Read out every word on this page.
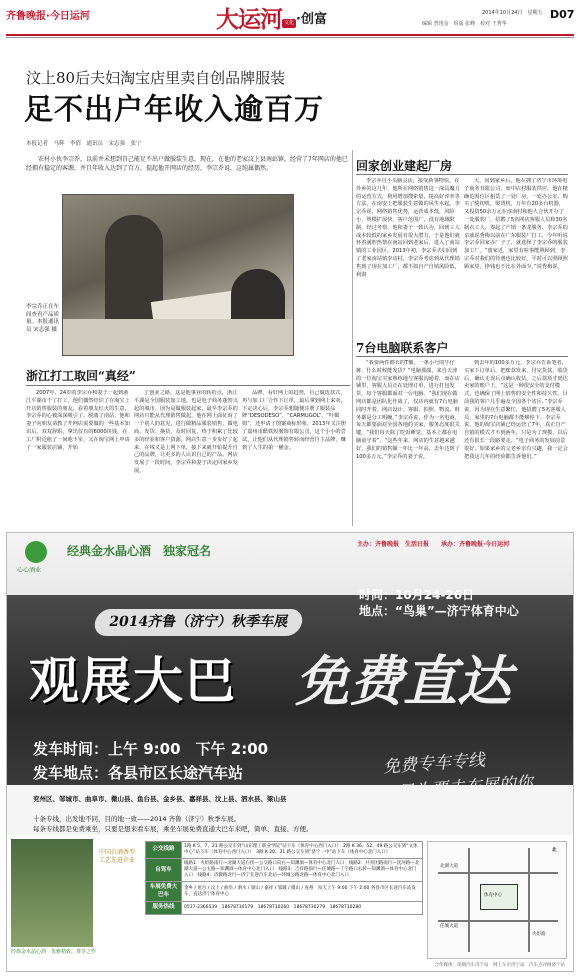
齐鲁晚报·今日运河	大运河 文化 ·创富	2014年10月24日　星期五
编辑 曾现金　组版 张峰　校对 王秀华
D07
汶上80后夫妇淘宝店里卖自创品牌服装
足不出户年收入逾百万
本报记者　马辉　李倩　通讯员　宋志强　张宁
农村小伙李宗乔，以前并未想到自己能足不出户做服装生意，现在，在他的老家汶上县南站镇，经营了7年网店的他已经拥有稳定的客源，并且年收入达到了百万，提起他开网店的经历，李宗乔说，这纯属偶然。
李宗乔正在车间查看产品质量。本报通讯员 宋志强 摄
浙江打工取回“真经”
2007年，24岁的李宗乔和妻子一起到浙江平湖市干了打工，他们偶然结识了在淘宝上开店销售服装的朋友，看着朋友红火的生意，李宗乔的心被深深吸引了。脱离了南站，他和妻子向朋友请教了开网店需要做的一些基本知识后，双双辞职，拿出仅有的6000块钱，在工厂附近租了一间地下室，又在淘宝网上申请了一家服装店铺，开始
了创业之路。这是他事业的转折点，浙江平湖是全国服装加工地，也是电子商务蓬勃兴起的城市，因为是做服装起家，最早李宗乔的网店只能从代理销售做起，他在网上面征询了一个别人的意见，进行做精品服装销售，做电商，发货、换货，及时回复，终于积累了比较多的经验和客户资源。网店生意一步步好了起来，在线又是上网下单，接下来就开始提升自己的品牌，让更多的人认识自己的产品。网店发展了一段时间，李宗乔和妻子决定回家乡发展。
品牌，看好网上的趋势，自己做选款式，再与加工厂合作下订单，最后拿到网上来卖。下定决心后，李宗乔想随便注册了服装品牌“DESODESO”、“CARMUGOL”、“叶媚姆”，还申请了图案商标形象，2013年又注册了嘉州市酷铁短服饰有限公司，这个小小的尝试，让他们从代理销售转而经营自主品牌，赚到了人生的第一桶金。
回家创业建起厂房
李宗乔自小头脑灵活，接受新事物快，在外乡的这几年，他所在网络销售这一深具魔力的运营方式，利用增加搜索量，提高好评率等方法，在南安上把服装生意做的风生水起。李宗乔说，网络销售优势，运营成本低，风险小，规模扩展快，客户范围广，没有地域限制，经过考察，他和妻子一致认为，回到工人成本较低的家乡发展有很大潜力，于是他们就怀着满腔热情在南站回到老家后，进入了南站镇的工业园区。2013年初，李宗乔夫妇回到了老家南站镇李店村，李宗乔考虑到从代理销售到了现在加工厂，都不如自产自销风险低，利润
大，回到家乡后，他在拥了济宁市环境电子商务有限公司，而中店村服装供应，他在精确范围位区租赁了一处厂房，一处办公室，购买了缝纫机，熨烫机，万年有20多台机器，又投资50余万元在淳南村和他人合伙开办了一处服装厂，招聘了5名网店客服人员和30名制衣工人，筹起了产销一条龙服务。李宗乔的亲戚说秀梅以前在广东服装厂打工，今年听说李宗乔回家办厂子了，就选择了李宗乔的服装加工厂。“离家近，家里有啥事能照顾到，李宗乔对我们的待遇也比较好，平时可以照顾照顾家里，挣钱也不比在外面少。”说秀梅说。
7台电脑联系客户
“我要两件棉衣的T恤，一条小号的牛仔裤，什么时候能发货？”电脑那端，来自天津的一位淘宝买家熟练地与客服沟通着，而在店铺里，客服人员正在处理订单，进行打包发货，每个客服都面对一台电脑。“我们现在做网店都是团队化作战了，仅店内就有7台电脑同时开着，网店设计、客服、拍照、物流、财务都是分工明确，”李宗乔说，作为一名电商，每天都要面对全国各地的买家，服务态度很关键。“我们每天除了吃饭睡觉，基本上都在电脑前守着”。“这些年来，网店的生意越来越好，我们的销售额一年比一年高，去年达到了100多万元。”李宗乔的妻子说。
到去年的100多万元，李宗乔告诉笔者，买家下订单后，把账款发来，付完货款，收货后，确认无误后点确认收货，之后款项才到达卖家的账户上，“这是一种很安全的支付模式，也确保了网上销售的安全性和持久性。目前我的客户几乎遍及全国各个省区。”李宗乔说，因为现在生意繁忙，他招聘了5名客服人员，家里的7台电脑都不能够停下。李宗乔说，他的淘宝店铺已经运营了7年，真正自产自销的模式才不到两年，只是为了规模，以后还有很长一段路要走。“电子商务的发展前景很好，如果家乡的父老乡亲有兴趣，我一定会把我这几年的经验都告诉他们。”
心心酒业
经典金水晶心酒　独家冠名	主办：齐鲁晚报　生活日报　　承办：齐鲁晚报·今日运河
2014齐鲁（济宁）秋季车展
时间：10月24-26日
地点：“鸟巢”—济宁体育中心
观展大巴 免费直达
发车时间：上午 9:00　下午 2:00
发车地点：各县市区长途汽车站	免费专车专线
兖州区、邹城市、曲阜市、微山县、鱼台县、金乡县、嘉祥县、汶上县、泗水县、梁山县
十条专线，出发地不同，目的地一致——2014 齐鲁（济宁）秋季车展。
每条专线都是免费乘坐，只要是想来看车展，乘坐车展免费直通大巴车来吧，简单、直接、方便。
经典金水晶心酒　优雅精致，尊享之作
中国白酒香型工艺先进企业
公交线路	1路 K 5、7、21 路公交车到“山东理工职业学院”站下车（体育中心西门入口）　2路 K 36、52、49 路公交车到“文体中心”站下车（体育中心西门入口）　3路 K 20、31 路公交车到“济宁一中”站下车（体育中心北门入口）
自驾车	线路1：火炬路南行—北湖大道右拐—公交路口向右—知渊酒—体育中心北门入口　线路2：共青团路南行—洸河路—北湖大道—公主路—知渊酒—体育中心北门入口　线路3：吉祥路南行—任城路—丁字路口右转—知渊酒—体育中心北门入口　线路4：济微路北行—济宁长途汽车北站—环城公路北路—体育中心北门入口
车展免费大巴车	金乡 / 鱼台 / 汶上 / 曲阜 / 泗水 / 梁山 / 嘉祥 / 邹城 / 微山 / 兖州　每天上午 9:00 下午 2:00 各县市区长途汽车站发车，直达济宁体育中心
服务热线	0537-2366539　18678730179　18678730260　18678730279　18678730280
体育中心
北湖大道
火炬路
任城大道
北
合作媒体：凤凰汽车济宁站　网上车市济宁站　汽车点评网济宁站
